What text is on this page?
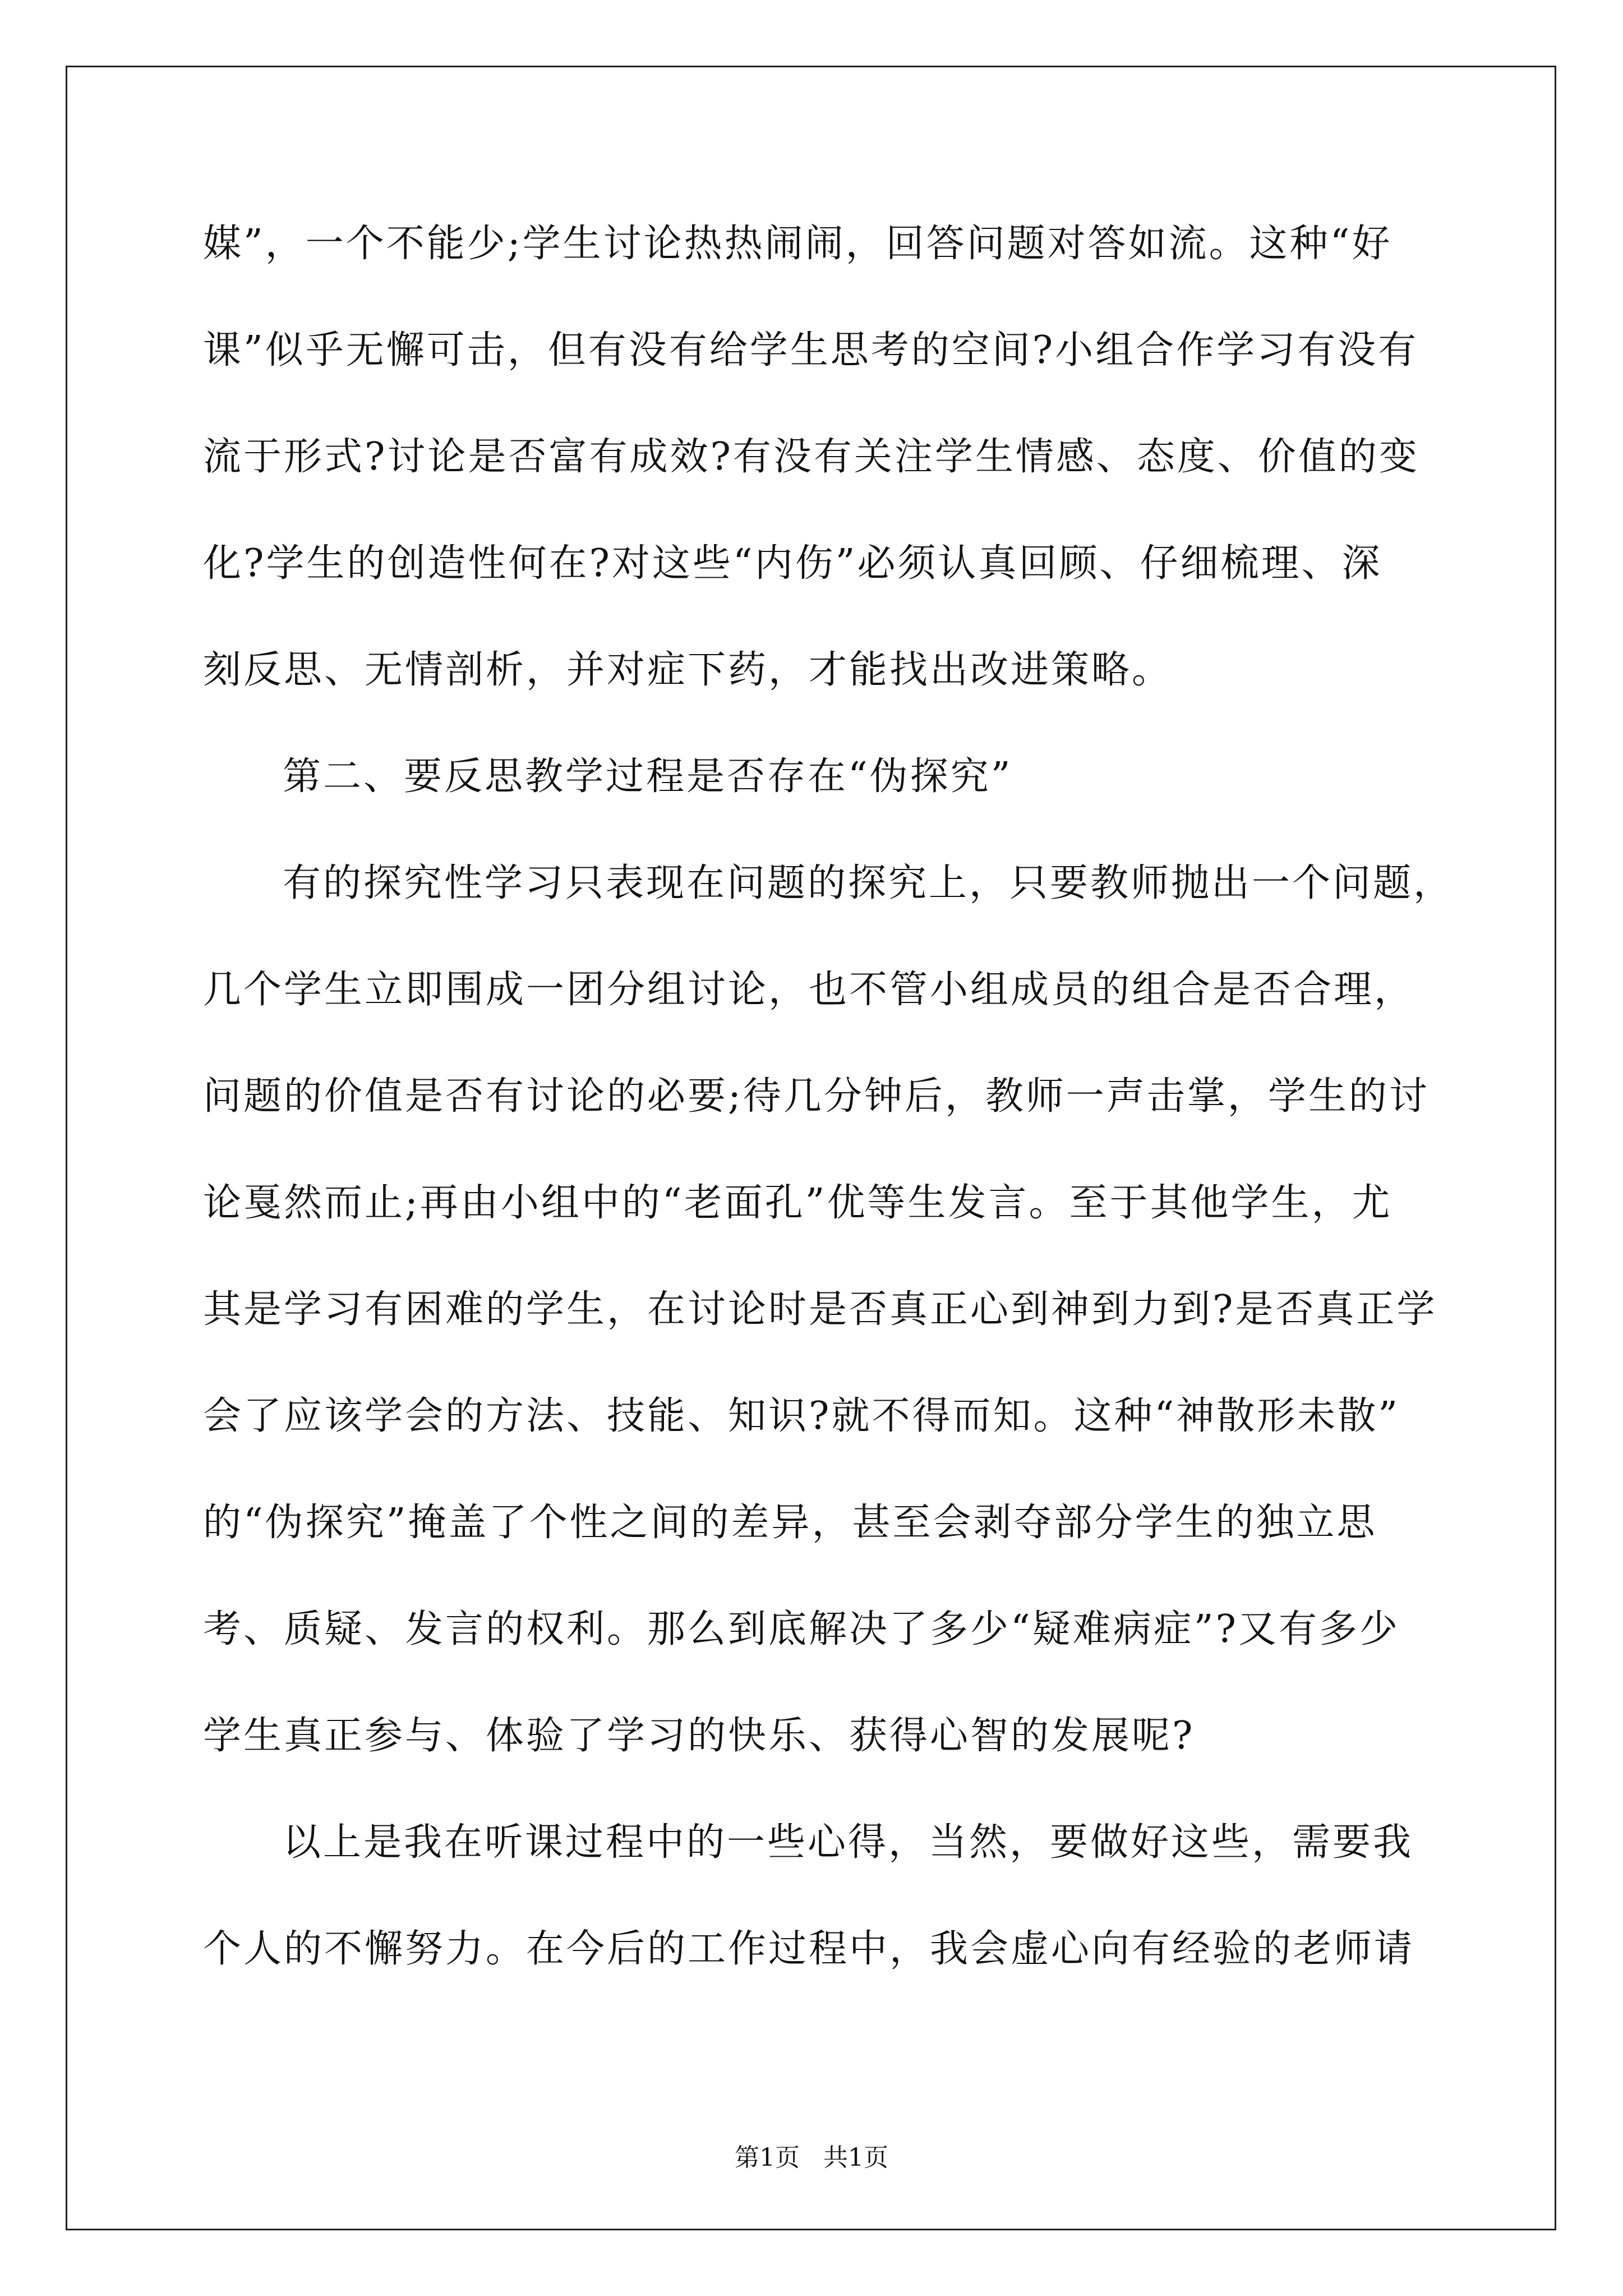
媒”，一个不能少;学生讨论热热闹闹，回答问题对答如流。这种“好
课”似乎无懈可击，但有没有给学生思考的空间?小组合作学习有没有
流于形式?讨论是否富有成效?有没有关注学生情感、态度、价值的变
化?学生的创造性何在?对这些“内伤”必须认真回顾、仔细梳理、深
刻反思、无情剖析，并对症下药，才能找出改进策略。
第二、要反思教学过程是否存在“伪探究”
有的探究性学习只表现在问题的探究上，只要教师抛出一个问题，
几个学生立即围成一团分组讨论，也不管小组成员的组合是否合理，
问题的价值是否有讨论的必要;待几分钟后，教师一声击掌，学生的讨
论戛然而止;再由小组中的“老面孔”优等生发言。至于其他学生，尤
其是学习有困难的学生，在讨论时是否真正心到神到力到?是否真正学
会了应该学会的方法、技能、知识?就不得而知。这种“神散形未散”
的“伪探究”掩盖了个性之间的差异，甚至会剥夺部分学生的独立思
考、质疑、发言的权利。那么到底解决了多少“疑难病症”?又有多少
学生真正参与、体验了学习的快乐、获得心智的发展呢?
以上是我在听课过程中的一些心得，当然，要做好这些，需要我
个人的不懈努力。在今后的工作过程中，我会虚心向有经验的老师请
第1页   共1页
